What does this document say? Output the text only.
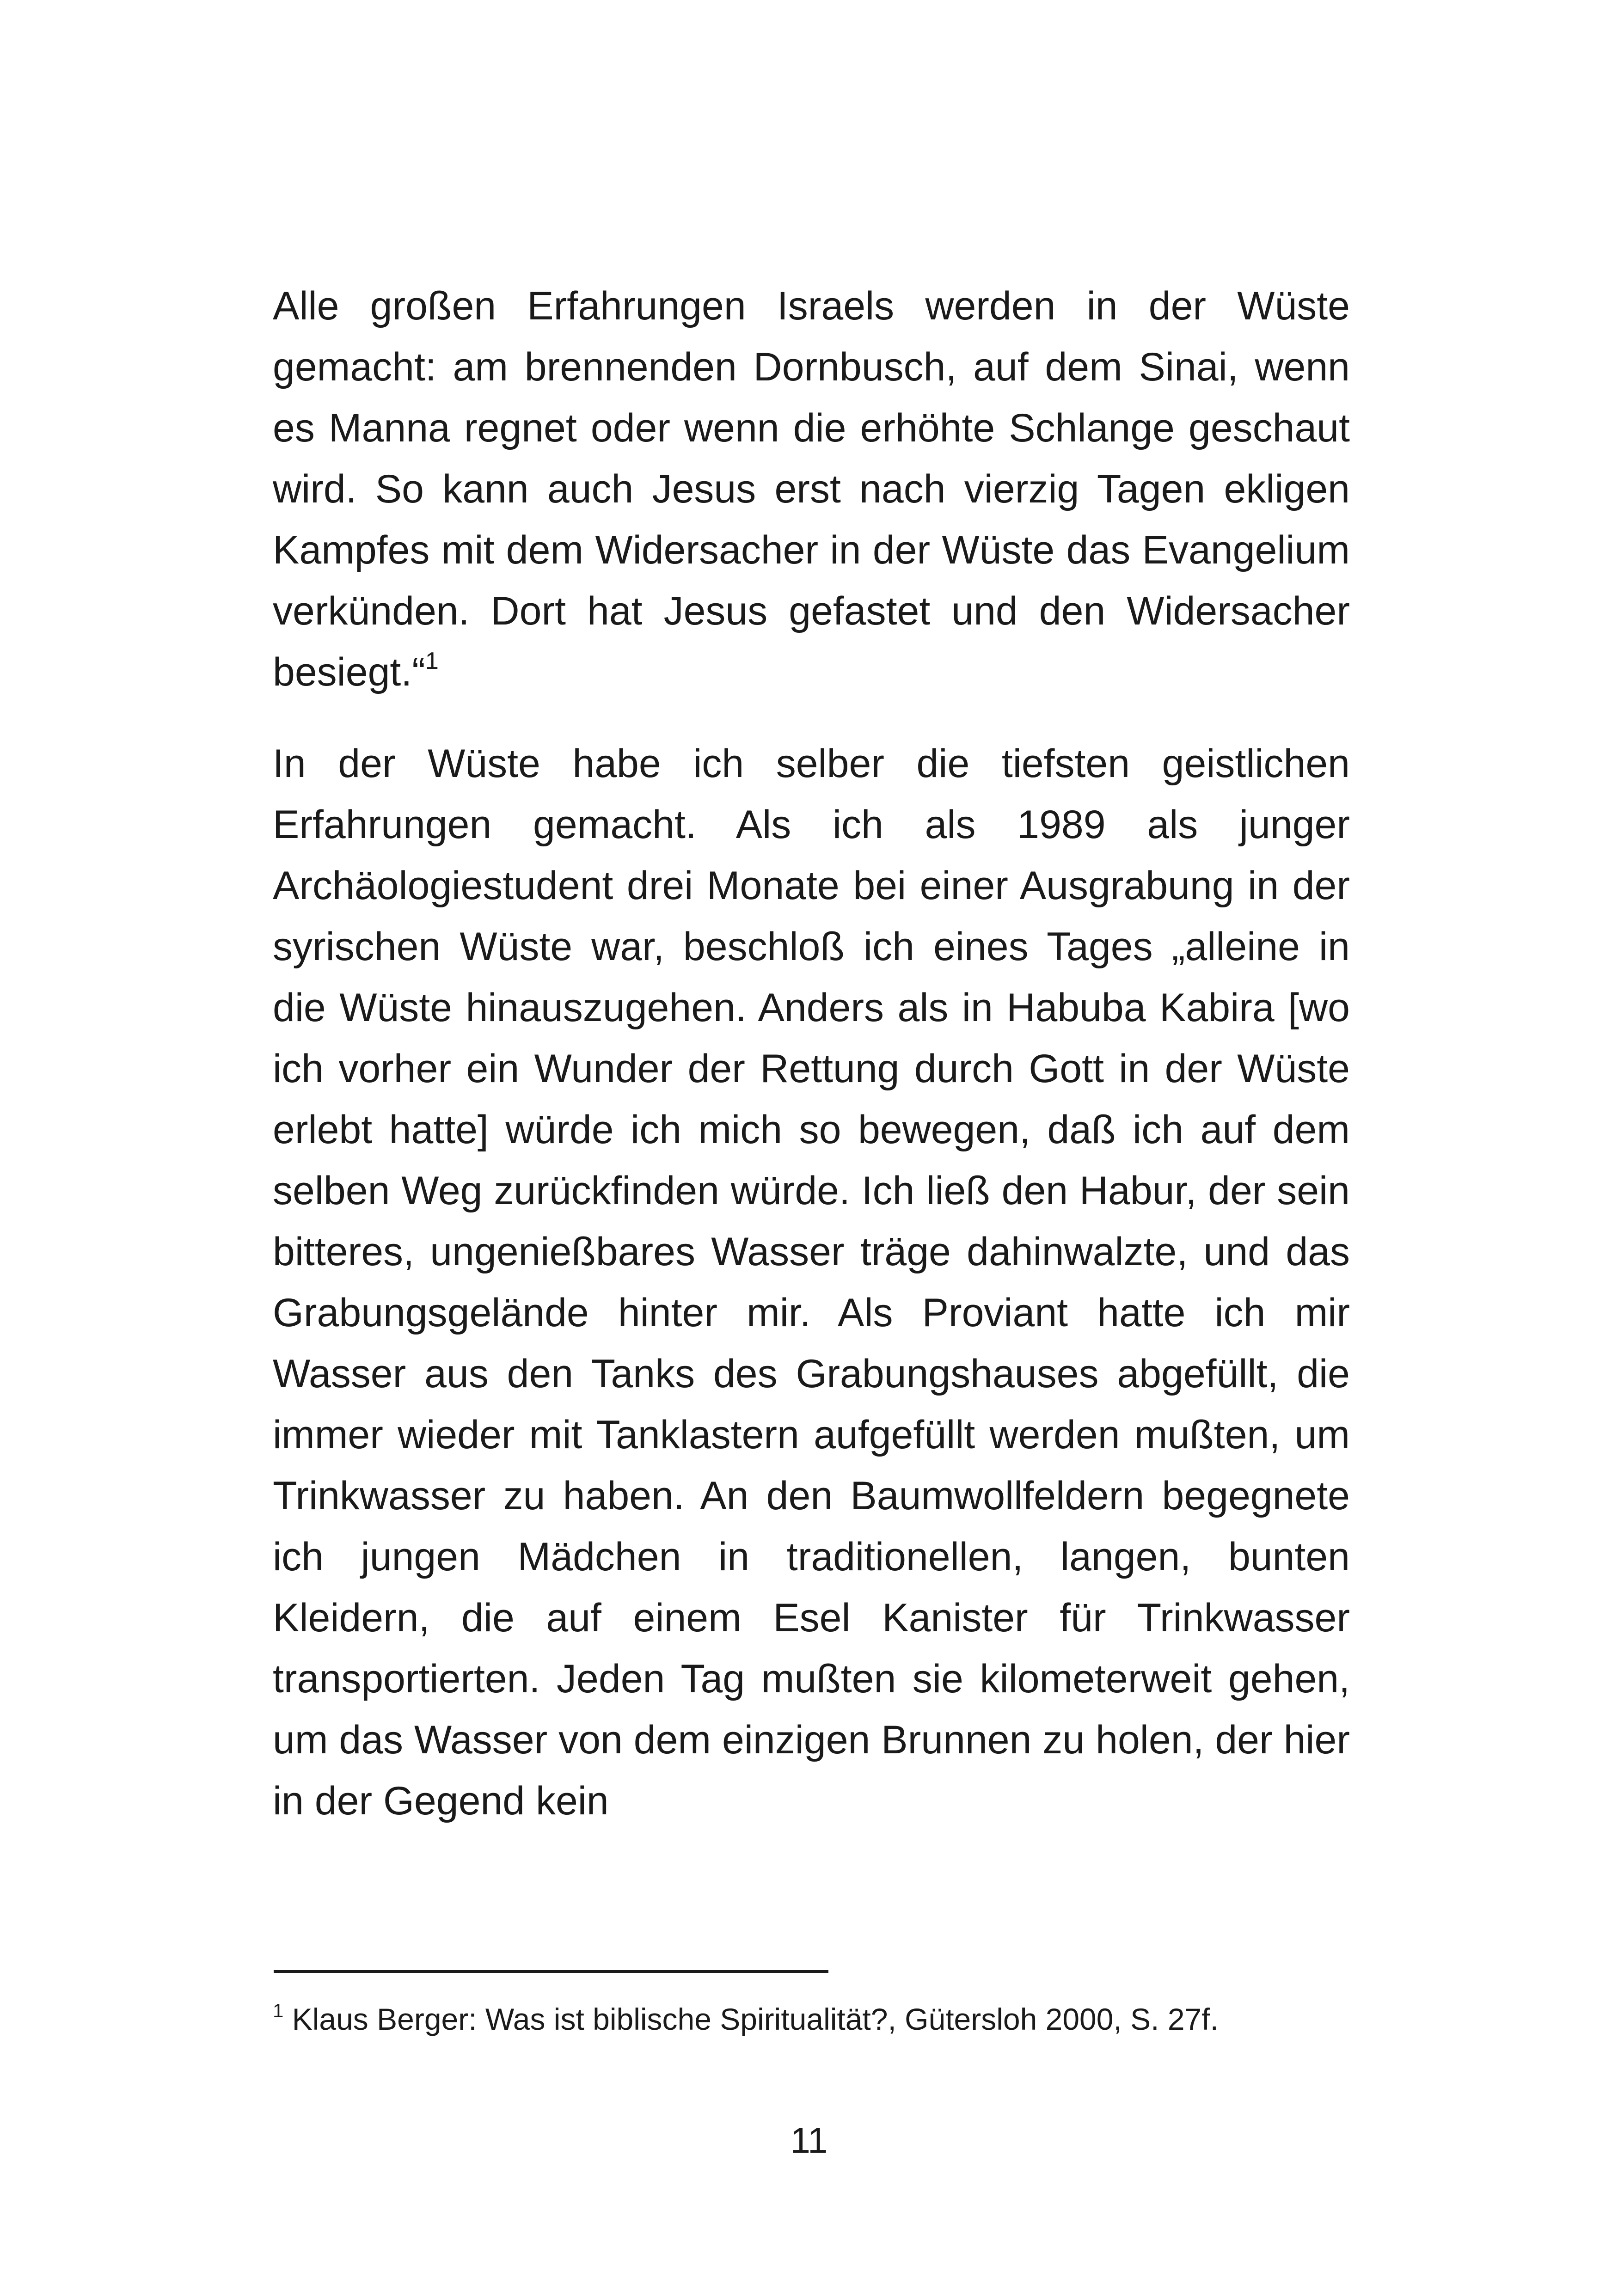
Alle großen Erfahrungen Israels werden in der Wüste gemacht: am brennenden Dornbusch, auf dem Sinai, wenn es Manna regnet oder wenn die erhöhte Schlange geschaut wird. So kann auch Jesus erst nach vierzig Tagen ekligen Kampfes mit dem Widersacher in der Wüste das Evangelium verkünden. Dort hat Jesus gefastet und den Widersacher besiegt.“$^1$

In der Wüste habe ich selber die tiefsten geistlichen Erfahrungen gemacht. Als ich als 1989 als junger Archäologiestudent drei Monate bei einer Ausgrabung in der syrischen Wüste war, beschloß ich eines Tages „alleine in die Wüste hinauszugehen. Anders als in Habuba Kabira [wo ich vorher ein Wunder der Rettung durch Gott in der Wüste erlebt hatte] würde ich mich so bewegen, daß ich auf dem selben Weg zurückfinden würde. Ich ließ den Habur, der sein bitteres, ungenießbares Wasser träge dahinwalzte, und das Grabungsgelände hinter mir. Als Proviant hatte ich mir Wasser aus den Tanks des Grabungshauses abgefüllt, die immer wieder mit Tanklastern aufgefüllt werden mußten, um Trinkwasser zu haben. An den Baumwollfeldern begegnete ich jungen Mädchen in traditionellen, langen, bunten Kleidern, die auf einem Esel Kanister für Trinkwasser transportierten. Jeden Tag mußten sie kilometerweit gehen, um das Wasser von dem einzigen Brunnen zu holen, der hier in der Gegend kein

$^1$ Klaus Berger: Was ist biblische Spiritualität?, Gütersloh 2000, S. 27f.
11
